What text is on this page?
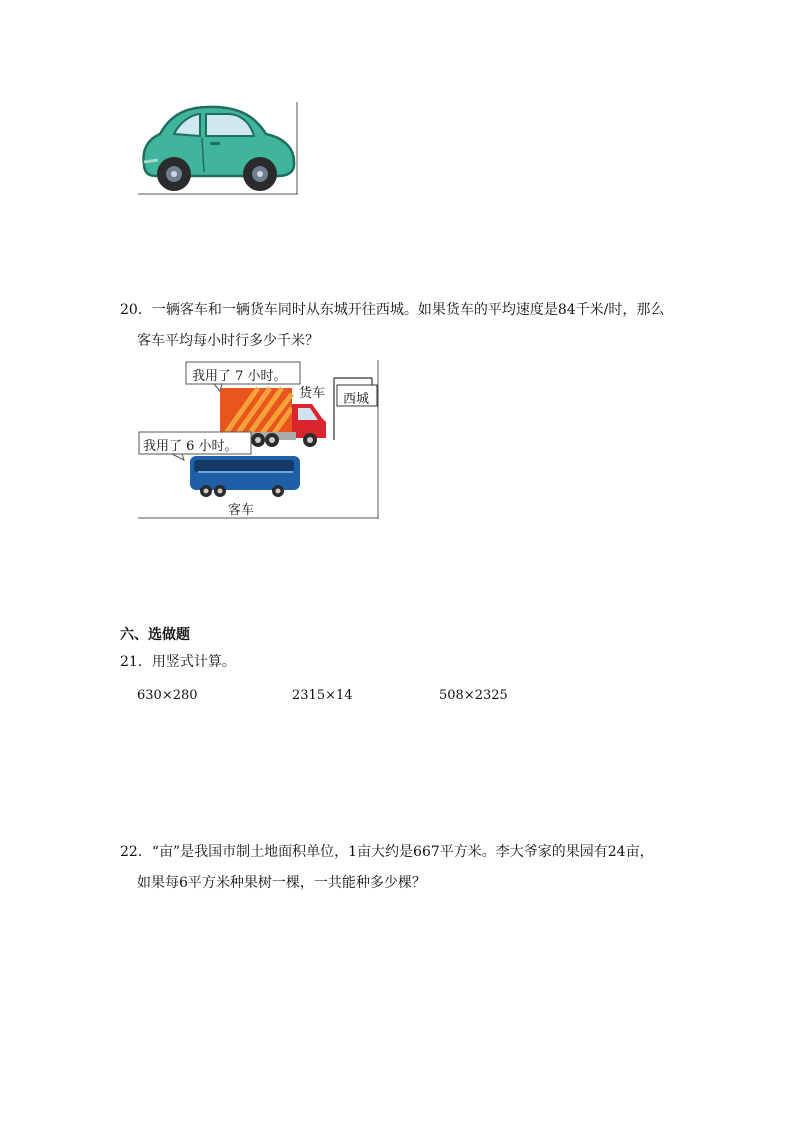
20．一辆客车和一辆货车同时从东城开往西城。如果货车的平均速度是84千米/时，那么
客车平均每小时行多少千米？
我用了 7 小时。
货车 西城
我用了 6 小时。
客车
六、选做题
21．用竖式计算。
630×280	2315×14	508×2325
22．“亩”是我国市制土地面积单位，1亩大约是667平方米。李大爷家的果园有24亩，
如果每6平方米种果树一棵，一共能种多少棵？
